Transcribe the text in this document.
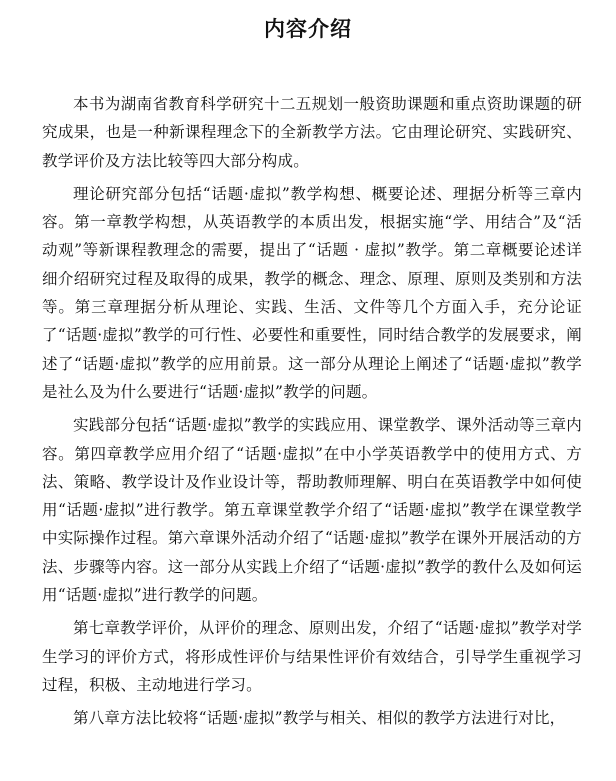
内容介绍

本书为湖南省教育科学研究十二五规划一般资助课题和重点资助课题的研究成果，也是一种新课程理念下的全新教学方法。它由理论研究、实践研究、教学评价及方法比较等四大部分构成。

理论研究部分包括“话题·虚拟”教学构想、概要论述、理据分析等三章内容。第一章教学构想，从英语教学的本质出发，根据实施“学、用结合”及“活动观”等新课程教理念的需要，提出了“话题 · 虚拟”教学。第二章概要论述详细介绍研究过程及取得的成果，教学的概念、理念、原理、原则及类别和方法等。第三章理据分析从理论、实践、生活、文件等几个方面入手，充分论证了“话题·虚拟”教学的可行性、必要性和重要性，同时结合教学的发展要求，阐述了“话题·虚拟”教学的应用前景。这一部分从理论上阐述了“话题·虚拟”教学是社么及为什么要进行“话题·虚拟”教学的问题。

实践部分包括“话题·虚拟”教学的实践应用、课堂教学、课外活动等三章内容。第四章教学应用介绍了“话题·虚拟”在中小学英语教学中的使用方式、方法、策略、教学设计及作业设计等，帮助教师理解、明白在英语教学中如何使用“话题·虚拟”进行教学。第五章课堂教学介绍了“话题·虚拟”教学在课堂教学中实际操作过程。第六章课外活动介绍了“话题·虚拟”教学在课外开展活动的方法、步骤等内容。这一部分从实践上介绍了“话题·虚拟”教学的教什么及如何运用“话题·虚拟”进行教学的问题。

第七章教学评价，从评价的理念、原则出发，介绍了“话题·虚拟”教学对学生学习的评价方式，将形成性评价与结果性评价有效结合，引导学生重视学习过程，积极、主动地进行学习。

第八章方法比较将“话题·虚拟”教学与相关、相似的教学方法进行对比，
